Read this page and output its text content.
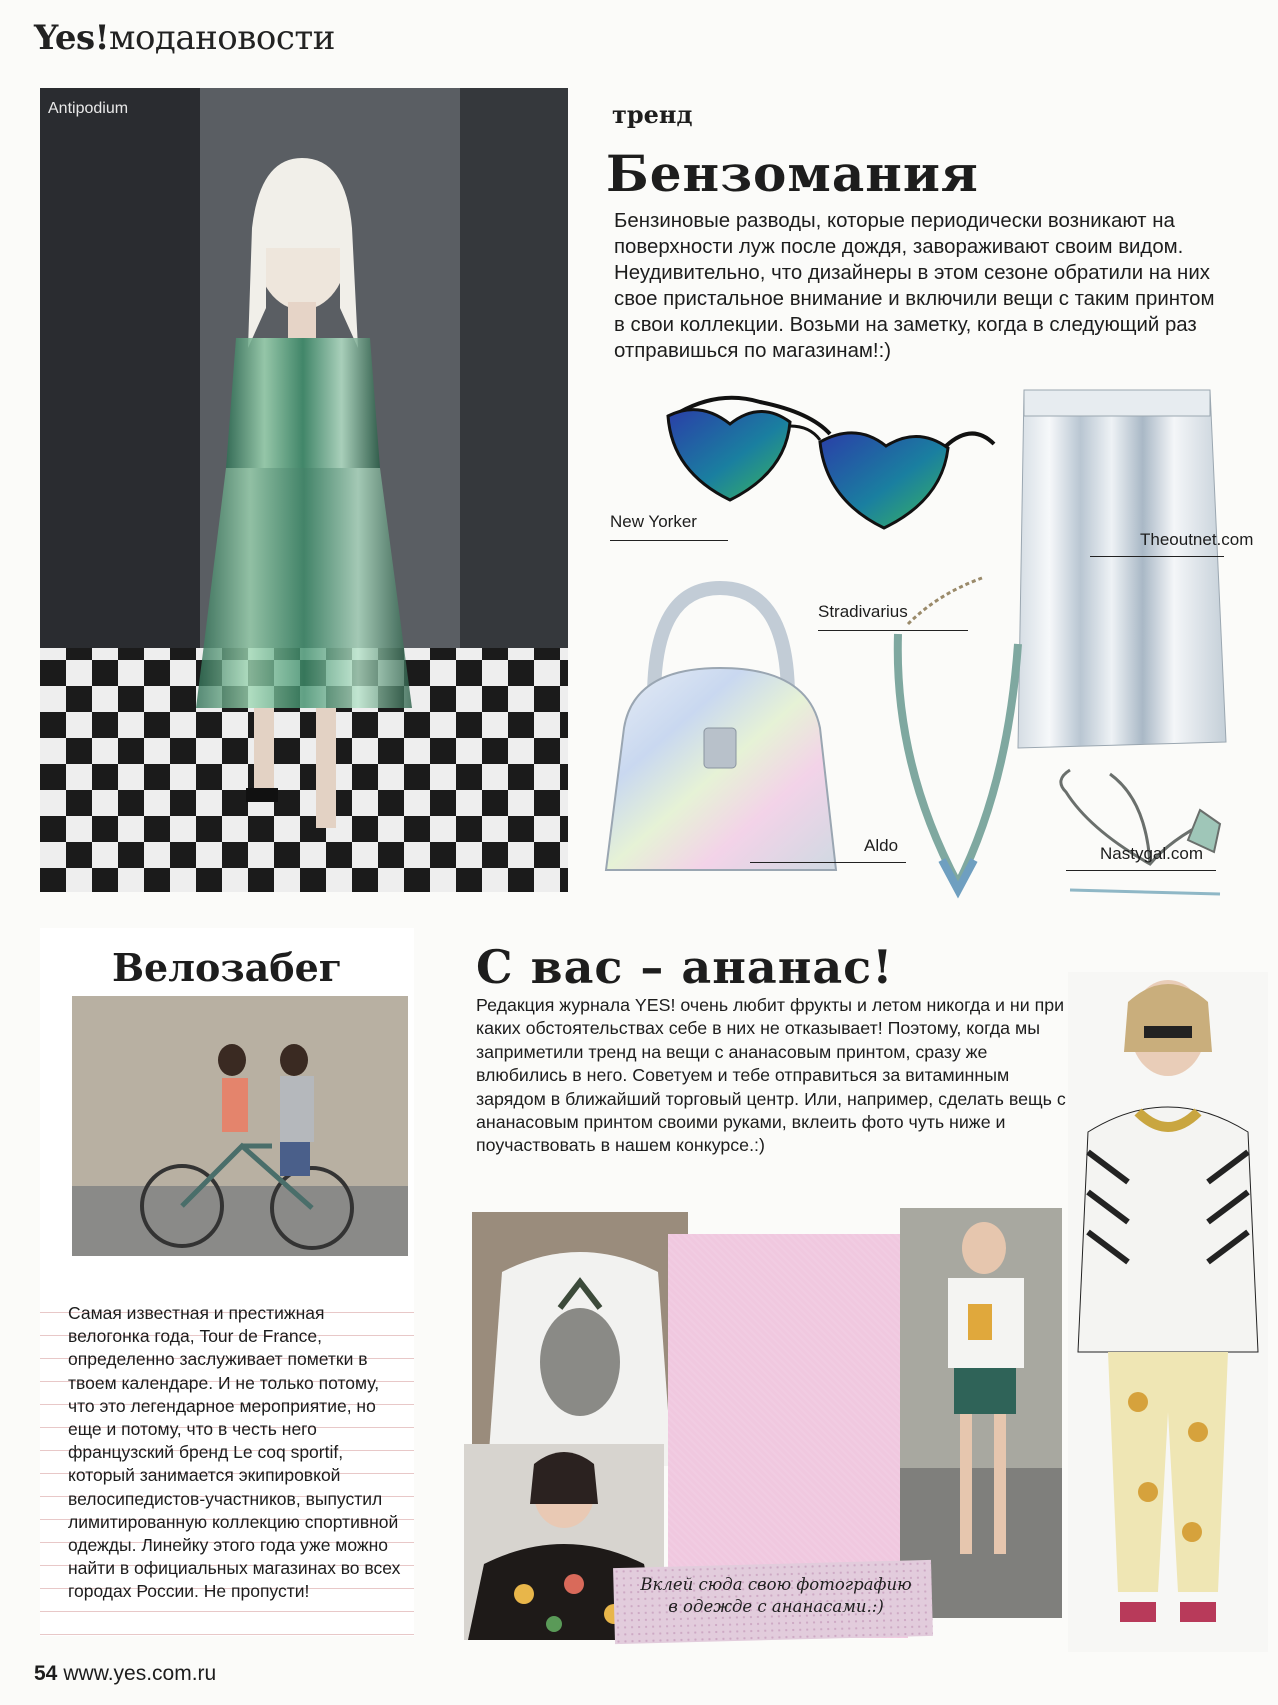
Yes!модановости
Antipodium	тренд
Бензомания
Бензиновые разводы, которые периодически возникают на поверхности луж после дождя, завораживают своим видом. Неудивительно, что дизайнеры в этом сезоне обратили на них свое пристальное внимание и включили вещи с таким принтом в свои коллекции. Возьми на заметку, когда в следующий раз отправишься по магазинам!:)
New Yorker
Theoutnet.com
Stradivarius
Aldo	Nastygal.com
Велозабег

Самая известная и престижная велогонка года, Tour de France, определенно заслуживает пометки в твоем календаре. И не только потому, что это легендарное мероприятие, но еще и потому, что в честь него французский бренд Le coq sportif, который занимается экипировкой велосипедистов-участников, выпустил лимитированную коллекцию спортивной одежды. Линейку этого года уже можно найти в официальных магазинах во всех городах России. Не пропусти!
С вас – ананас!
Редакция журнала YES! очень любит фрукты и летом никогда и ни при каких обстоятельствах себе в них не отказывает! Поэтому, когда мы заприметили тренд на вещи с ананасовым принтом, сразу же влюбились в него. Советуем и тебе отправиться за витаминным зарядом в ближайший торговый центр. Или, например, сделать вещь с ананасовым принтом своими руками, вклеить фото чуть ниже и поучаствовать в нашем конкурсе.:)
Вклей сюда свою фотографию
в одежде с ананасами.:)
54 www.yes.com.ru
